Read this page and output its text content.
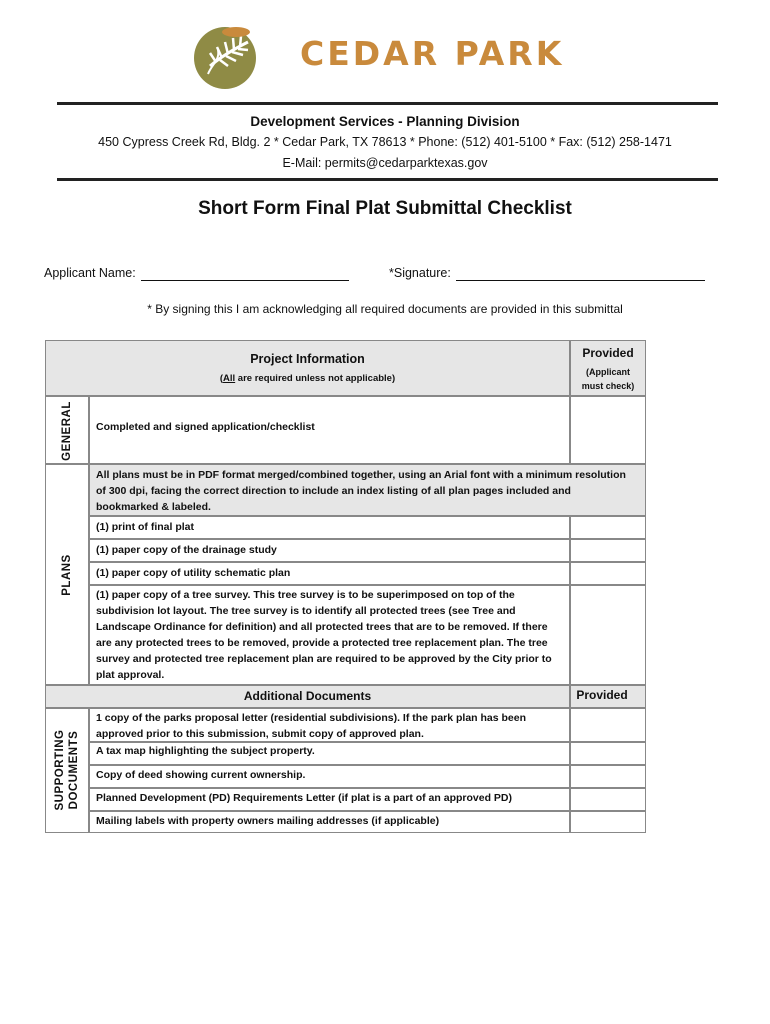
CEDAR PARK
Development Services - Planning Division
450 Cypress Creek Rd, Bldg. 2 * Cedar Park, TX 78613 * Phone: (512) 401-5100 * Fax: (512) 258-1471
E-Mail: permits@cedarparktexas.gov
Short Form Final Plat Submittal Checklist
Applicant Name:	*Signature:
* By signing this I am acknowledging all required documents are provided in this submittal
Project Information
(All are required unless not applicable)
Provided
(Applicant must check)
GENERAL
PLANS
SUPPORTING DOCUMENTS
Completed and signed application/checklist
All plans must be in PDF format merged/combined together, using an Arial font with a minimum resolution of 300 dpi, facing the correct direction to include an index listing of all plan pages included and bookmarked & labeled.
(1) print of final plat
(1) paper copy of the drainage study
(1) paper copy of utility schematic plan
(1) paper copy of a tree survey. This tree survey is to be superimposed on top of the subdivision lot layout. The tree survey is to identify all protected trees (see Tree and Landscape Ordinance for definition) and all protected trees that are to be removed. If there are any protected trees to be removed, provide a protected tree replacement plan. The tree survey and protected tree replacement plan are required to be approved by the City prior to plat approval.
Additional Documents	Provided
1 copy of the parks proposal letter (residential subdivisions). If the park plan has been approved prior to this submission, submit copy of approved plan.
A tax map highlighting the subject property.
Copy of deed showing current ownership.
Planned Development (PD) Requirements Letter (if plat is a part of an approved PD)
Mailing labels with property owners mailing addresses (if applicable)
